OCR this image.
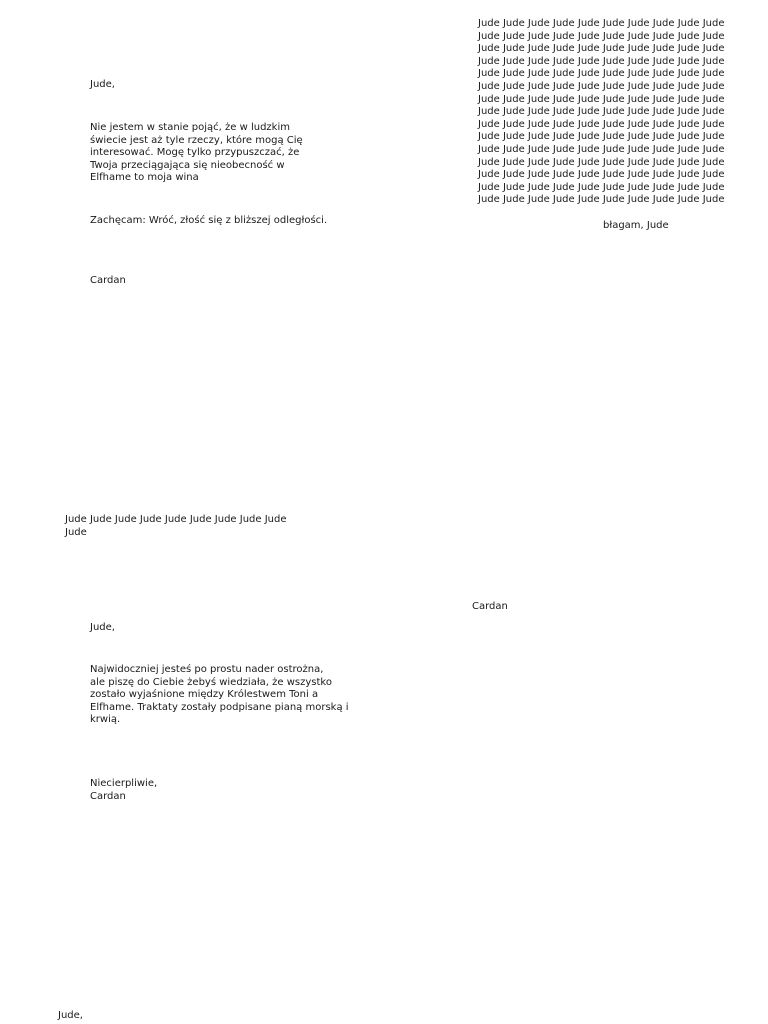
Jude,
Nie jestem w stanie pojąć, że w ludzkim
świecie jest aż tyle rzeczy, które mogą Cię
interesować. Mogę tylko przypuszczać, że
Twoja przeciągająca się nieobecność w
Elfhame to moja wina
Zachęcam: Wróć, złość się z bliższej odległości.
Cardan
Jude Jude Jude Jude Jude Jude Jude Jude Jude Jude
Jude Jude Jude Jude Jude Jude Jude Jude Jude Jude
Jude Jude Jude Jude Jude Jude Jude Jude Jude Jude
Jude Jude Jude Jude Jude Jude Jude Jude Jude Jude
Jude Jude Jude Jude Jude Jude Jude Jude Jude Jude
Jude Jude Jude Jude Jude Jude Jude Jude Jude Jude
Jude Jude Jude Jude Jude Jude Jude Jude Jude Jude
Jude Jude Jude Jude Jude Jude Jude Jude Jude Jude
Jude Jude Jude Jude Jude Jude Jude Jude Jude Jude
Jude Jude Jude Jude Jude Jude Jude Jude Jude Jude
Jude Jude Jude Jude Jude Jude Jude Jude Jude Jude
Jude Jude Jude Jude Jude Jude Jude Jude Jude Jude
Jude Jude Jude Jude Jude Jude Jude Jude Jude Jude
Jude Jude Jude Jude Jude Jude Jude Jude Jude Jude
Jude Jude Jude Jude Jude Jude Jude Jude Jude Jude
błagam, Jude
Jude Jude Jude Jude Jude Jude Jude Jude Jude
Jude
Cardan
Jude,
Najwidoczniej jesteś po prostu nader ostrożna,
ale piszę do Ciebie żebyś wiedziała, że wszystko
zostało wyjaśnione między Królestwem Toni a
Elfhame. Traktaty zostały podpisane pianą morską i
krwią.
Niecierpliwie,
Cardan
Jude,
